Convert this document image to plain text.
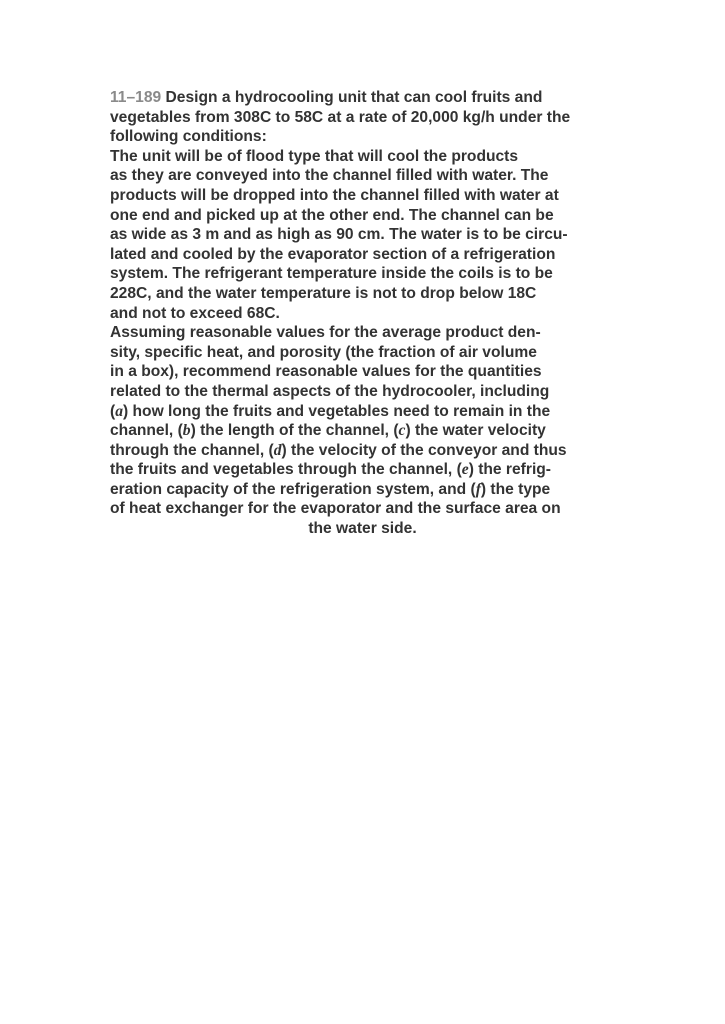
11–189 Design a hydrocooling unit that can cool fruits and
vegetables from 308C to 58C at a rate of 20,000 kg/h under the
following conditions:
The unit will be of flood type that will cool the products
as they are conveyed into the channel filled with water. The
products will be dropped into the channel filled with water at
one end and picked up at the other end. The channel can be
as wide as 3 m and as high as 90 cm. The water is to be circu-
lated and cooled by the evaporator section of a refrigeration
system. The refrigerant temperature inside the coils is to be
228C, and the water temperature is not to drop below 18C
and not to exceed 68C.
Assuming reasonable values for the average product den-
sity, specific heat, and porosity (the fraction of air volume
in a box), recommend reasonable values for the quantities
related to the thermal aspects of the hydrocooler, including
(a) how long the fruits and vegetables need to remain in the
channel, (b) the length of the channel, (c) the water velocity
through the channel, (d) the velocity of the conveyor and thus
the fruits and vegetables through the channel, (e) the refrig-
eration capacity of the refrigeration system, and (f) the type
of heat exchanger for the evaporator and the surface area on
the water side.
